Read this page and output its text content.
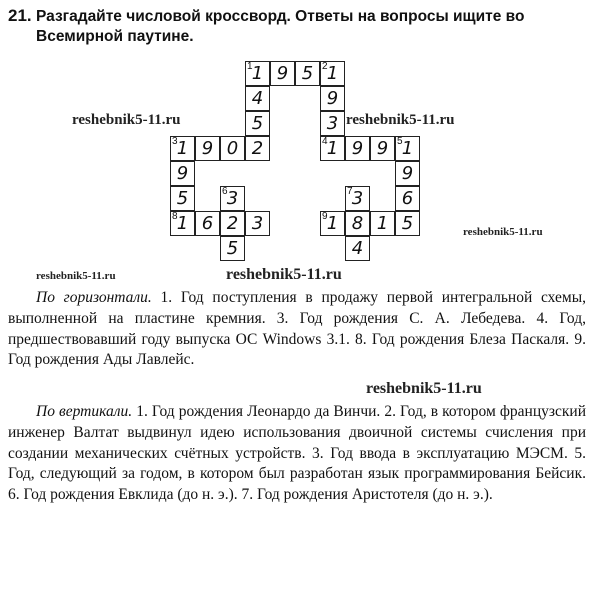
21. Разгадайте числовой кроссворд. Ответы на вопросы ищите во Всемирной паутине.
1 1 9 5 2 1
4	9
5	3
3 1 9 0 2	4 1 9 9 5 1
9	9
5	6 3	7 3	6
8 1 6 2 3	9 1 8 1 5
5	4
reshebnik5-11.ru	reshebnik5-11.ru
reshebnik5-11.ru
reshebnik5-11.ru	reshebnik5-11.ru
reshebnik5-11.ru
По горизонтали. 1. Год поступления в продажу первой интегральной схемы, выполненной на пластине кремния. 3. Год рождения С. А. Лебедева. 4. Год, предшествовавший году выпуска ОС Windows 3.1. 8. Год рождения Блеза Паскаля. 9. Год рождения Ады Лавлейс.
По вертикали. 1. Год рождения Леонардо да Винчи. 2. Год, в котором французский инженер Валтат выдвинул идею использования двоичной системы счисления при создании механических счётных устройств. 3. Год ввода в эксплуатацию МЭСМ. 5. Год, следующий за годом, в котором был разработан язык программирования Бейсик. 6. Год рождения Евклида (до н. э.). 7. Год рождения Аристотеля (до н. э.).
